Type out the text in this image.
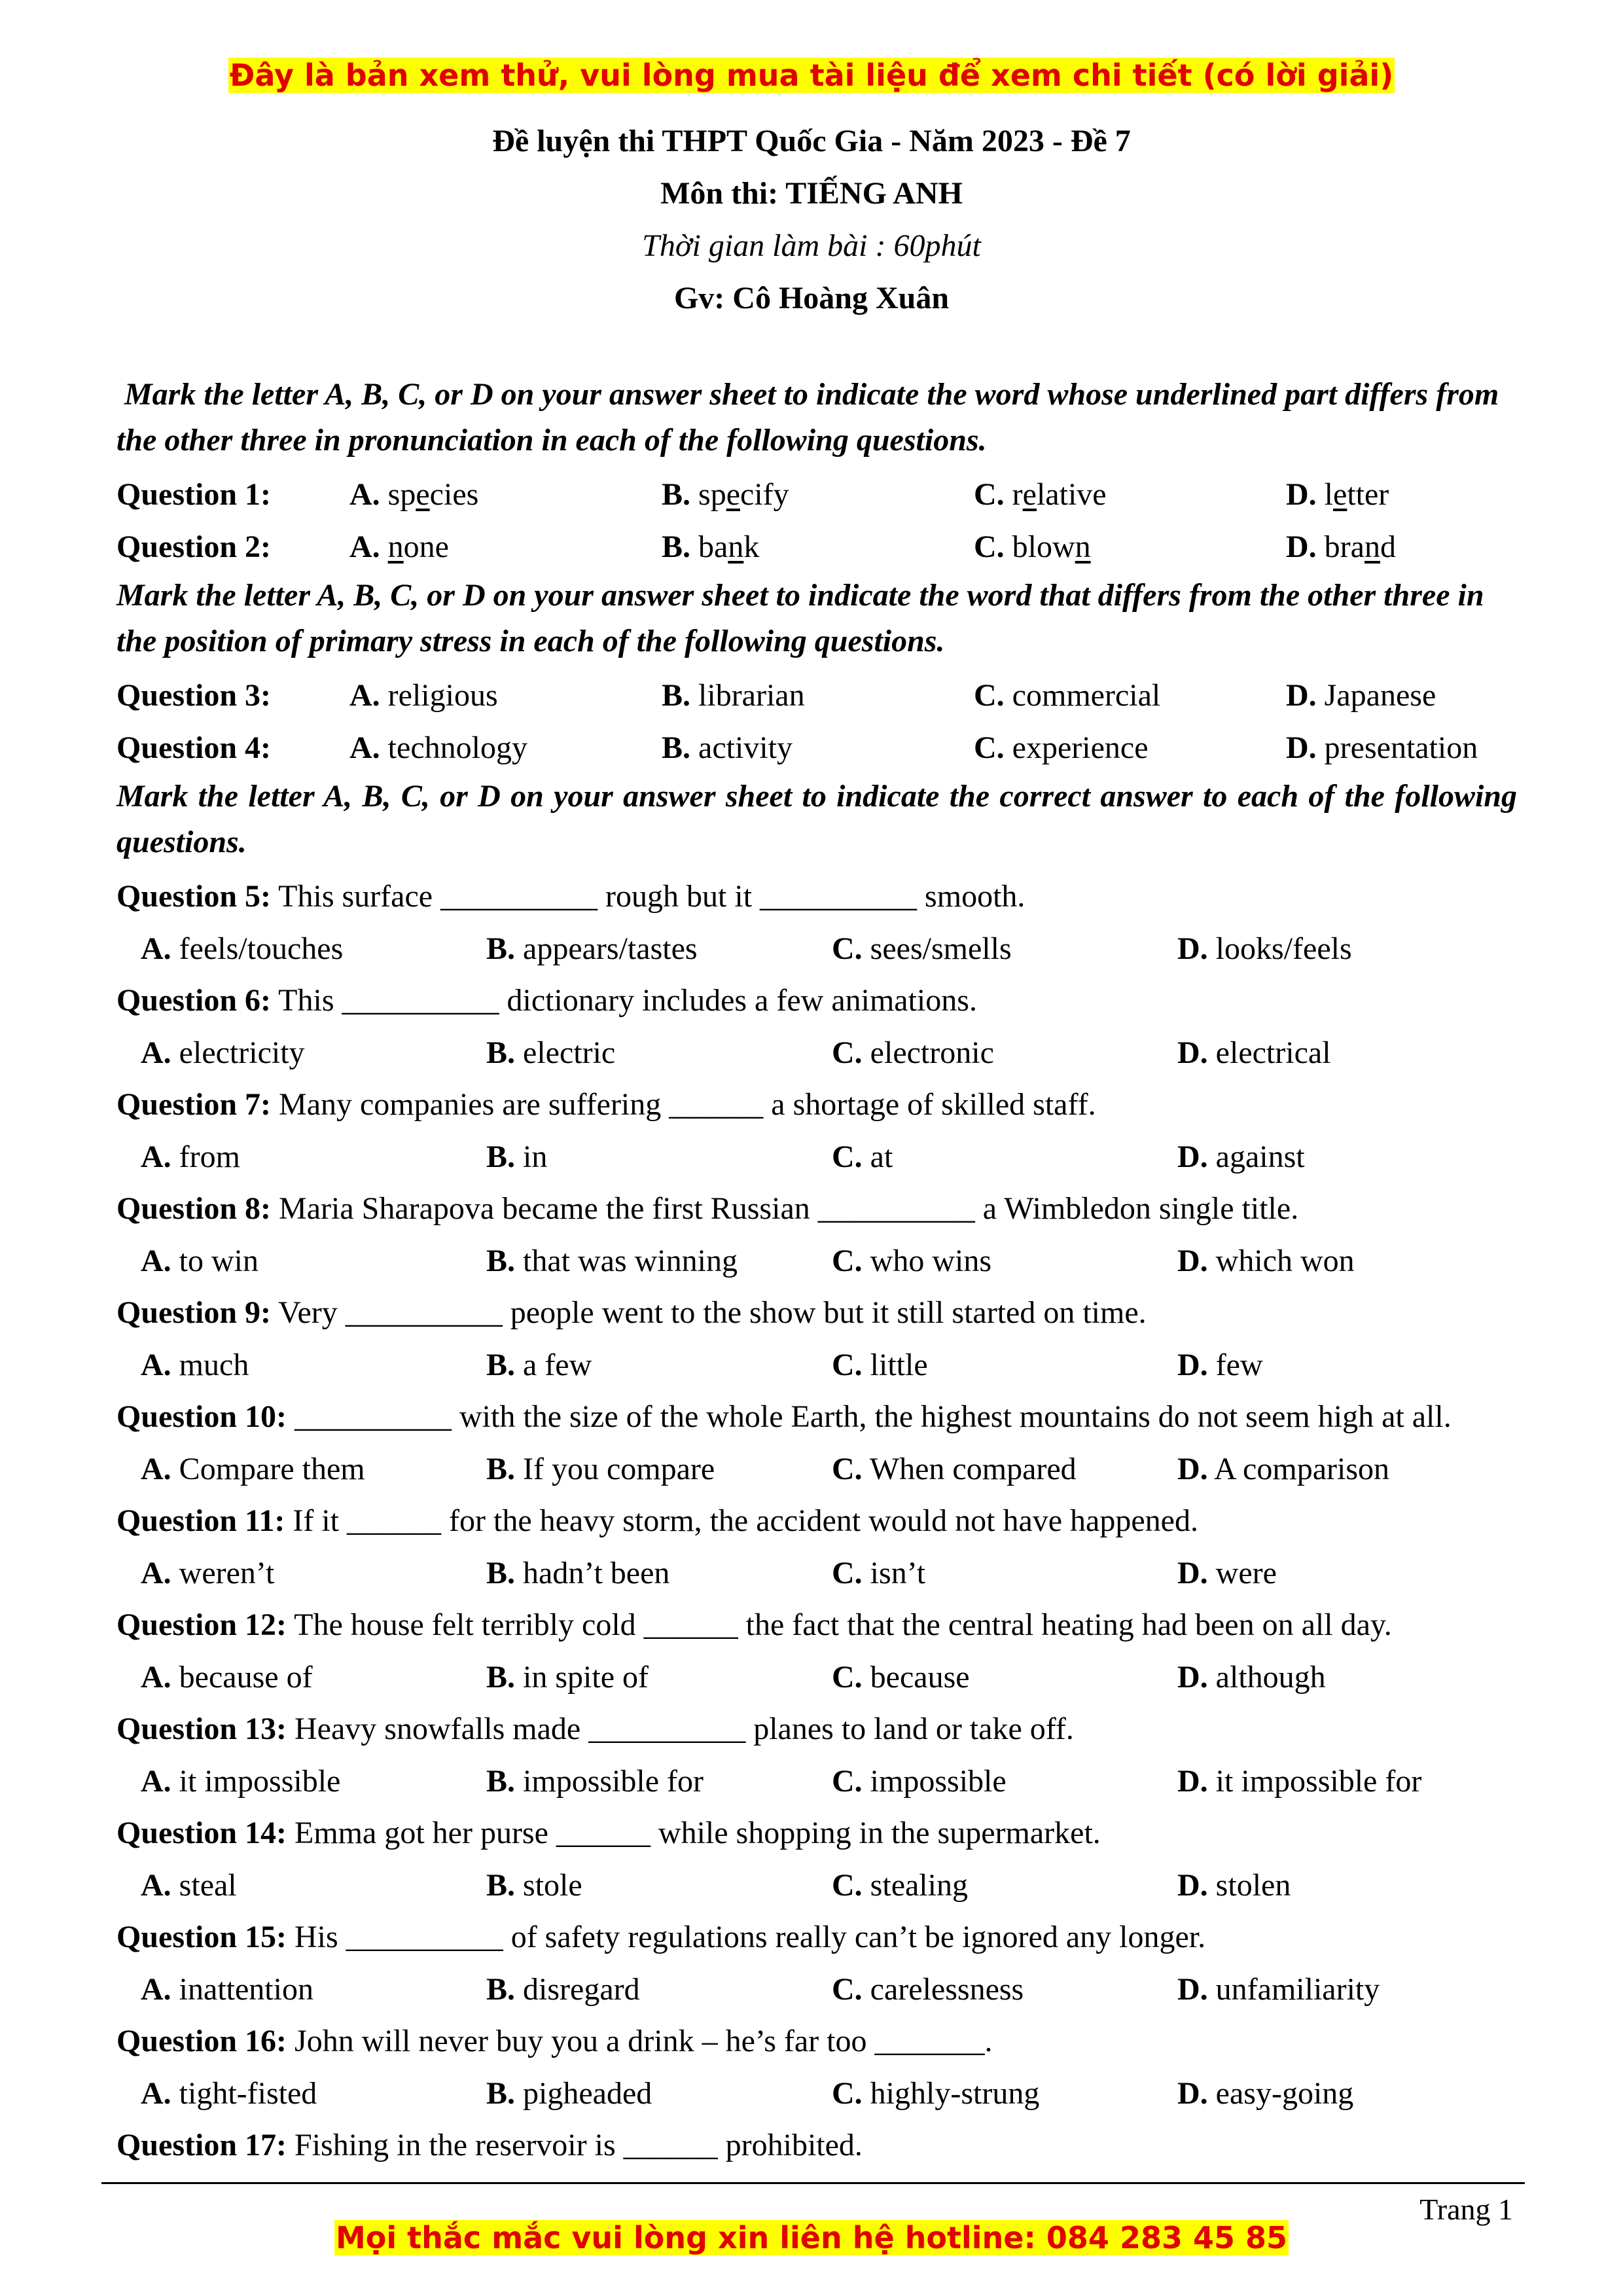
Đây là bản xem thử, vui lòng mua tài liệu để xem chi tiết (có lời giải)
Đề luyện thi THPT Quốc Gia - Năm 2023 - Đề 7
Môn thi: TIẾNG ANH
Thời gian làm bài : 60phút
Gv: Cô Hoàng Xuân

Mark the letter A, B, C, or D on your answer sheet to indicate the word whose underlined part differs from the other three in pronunciation in each of the following questions.

Question 1: A. species	B. specify	C. relative	D. letter
Question 2: A. none	B. bank	C. blown	D. brand

Mark the letter A, B, C, or D on your answer sheet to indicate the word that differs from the other three in the position of primary stress in each of the following questions.

Question 3: A. religious	B. librarian	C. commercial	D. Japanese
Question 4: A. technology	B. activity	C. experience	D. presentation

Mark the letter A, B, C, or D on your answer sheet to indicate the correct answer to each of the following questions.

Question 5: This surface __________ rough but it __________ smooth.
A. feels/touches	B. appears/tastes	C. sees/smells	D. looks/feels
Question 6: This __________ dictionary includes a few animations.
A. electricity	B. electric	C. electronic	D. electrical
Question 7: Many companies are suffering ______ a shortage of skilled staff.
A. from	B. in	C. at	D. against
Question 8: Maria Sharapova became the first Russian __________ a Wimbledon single title.
A. to win	B. that was winning	C. who wins	D. which won
Question 9: Very __________ people went to the show but it still started on time.
A. much	B. a few	C. little	D. few
Question 10: __________ with the size of the whole Earth, the highest mountains do not seem high at all.
A. Compare them	B. If you compare	C. When compared	D. A comparison
Question 11: If it ______ for the heavy storm, the accident would not have happened.
A. weren’t	B. hadn’t been	C. isn’t	D. were
Question 12: The house felt terribly cold ______ the fact that the central heating had been on all day.
A. because of	B. in spite of	C. because	D. although
Question 13: Heavy snowfalls made __________ planes to land or take off.
A. it impossible	B. impossible for	C. impossible	D. it impossible for
Question 14: Emma got her purse ______ while shopping in the supermarket.
A. steal	B. stole	C. stealing	D. stolen
Question 15: His __________ of safety regulations really can’t be ignored any longer.
A. inattention	B. disregard	C. carelessness	D. unfamiliarity
Question 16: John will never buy you a drink – he’s far too _______.
A. tight-fisted	B. pigheaded	C. highly-strung	D. easy-going
Question 17: Fishing in the reservoir is ______ prohibited.
Trang 1
Mọi thắc mắc vui lòng xin liên hệ hotline: 084 283 45 85
